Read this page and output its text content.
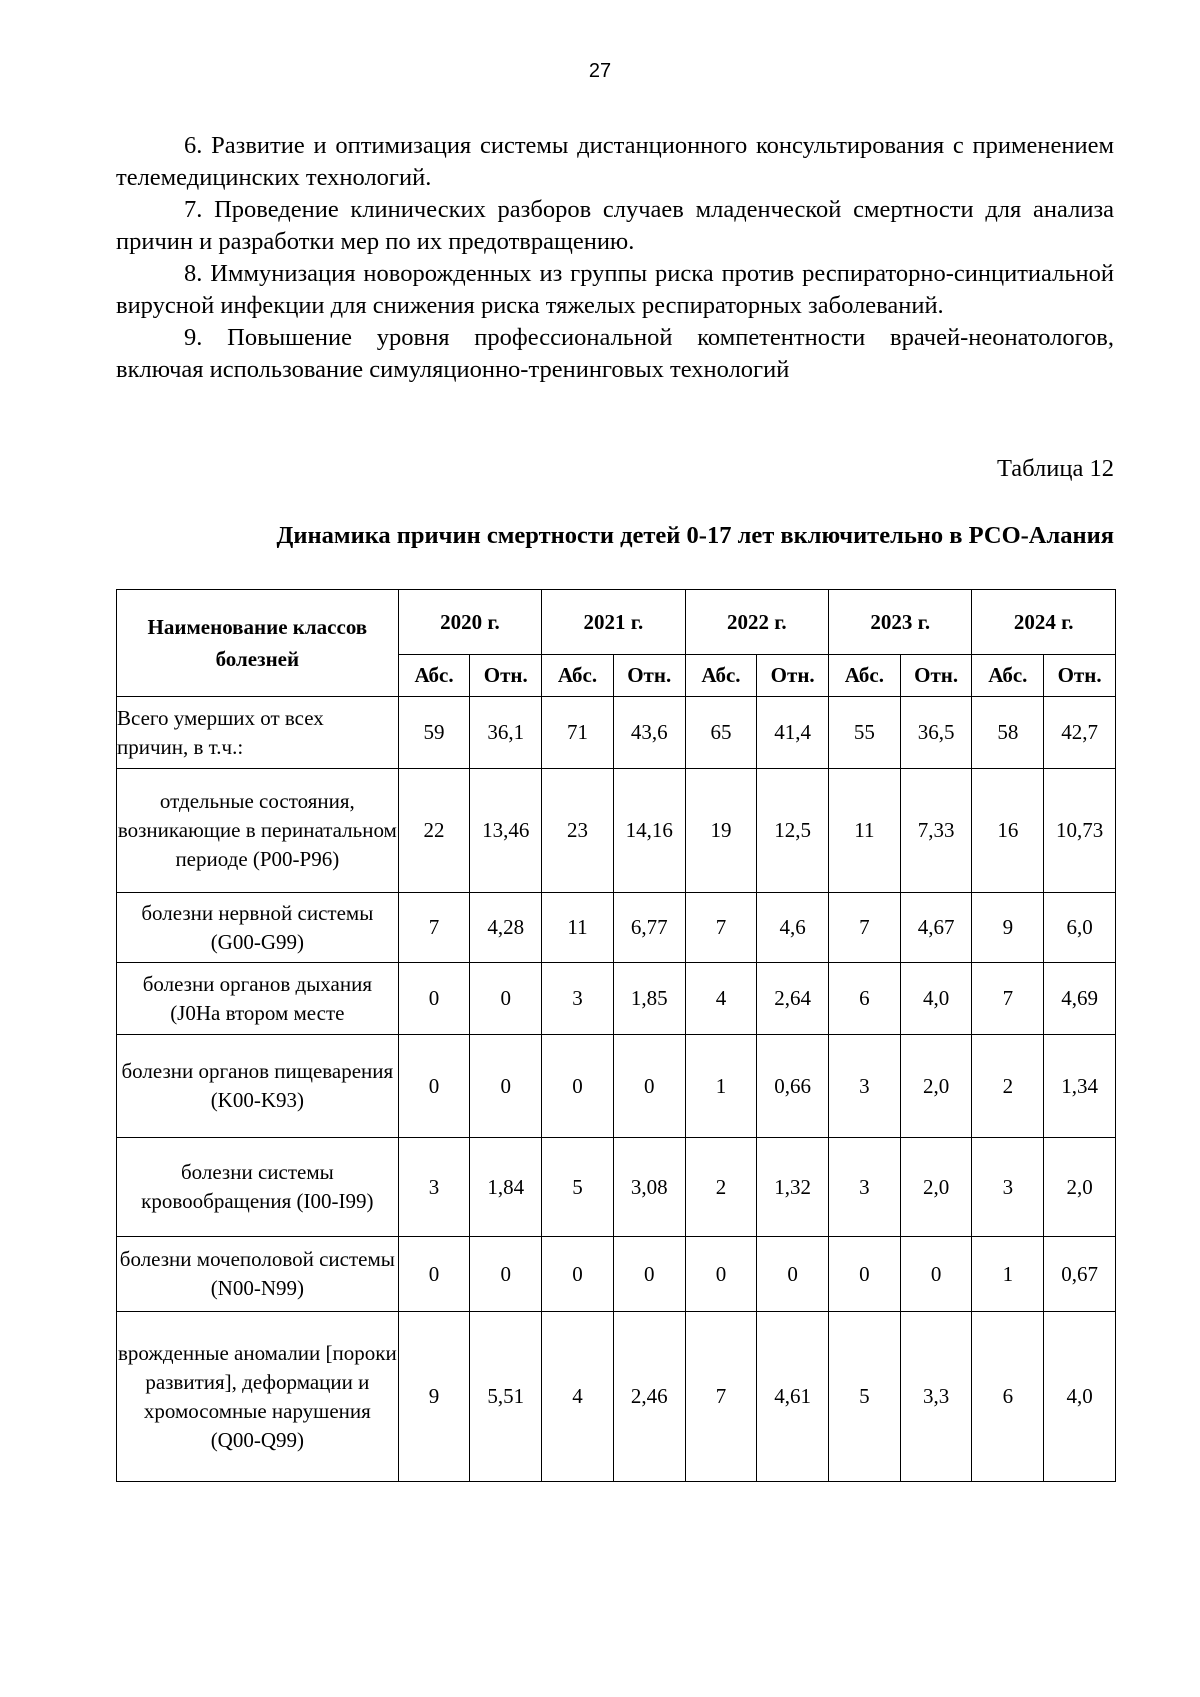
27

6. Развитие и оптимизация системы дистанционного консультирования с применением телемедицинских технологий.

7. Проведение клинических разборов случаев младенческой смертности для анализа причин и разработки мер по их предотвращению.

8. Иммунизация новорожденных из группы риска против респираторно-синцитиальной вирусной инфекции для снижения риска тяжелых респираторных заболеваний.

9. Повышение уровня профессиональной компетентности врачей-неонатологов, включая использование симуляционно-тренинговых технологий

Таблица 12
Динамика причин смертности детей 0-17 лет включительно в РСО-Алания
Наименование классов болезней	2020 г.		2021 г.		2022 г.		2023 г.		2024 г.	
	Абс.	Отн.	Абс.	Отн.	Абс.	Отн.	Абс.	Отн.	Абс.	Отн.
Всего умерших от всех причин, в т.ч.:	59	36,1	71	43,6	65	41,4	55	36,5	58	42,7
отдельные состояния, возникающие в перинатальном периоде (P00-P96)	22	13,46	23	14,16	19	12,5	11	7,33	16	10,73
болезни нервной системы (G00-G99)	7	4,28	11	6,77	7	4,6	7	4,67	9	6,0
болезни органов дыхания (J0На втором месте	0	0	3	1,85	4	2,64	6	4,0	7	4,69
болезни органов пищеварения (K00-K93)	0	0	0	0	1	0,66	3	2,0	2	1,34
болезни системы кровообращения (I00-I99)	3	1,84	5	3,08	2	1,32	3	2,0	3	2,0
болезни мочеполовой системы (N00-N99)	0	0	0	0	0	0	0	0	1	0,67
врожденные аномалии [пороки развития], деформации и хромосомные нарушения (Q00-Q99)	9	5,51	4	2,46	7	4,61	5	3,3	6	4,0
